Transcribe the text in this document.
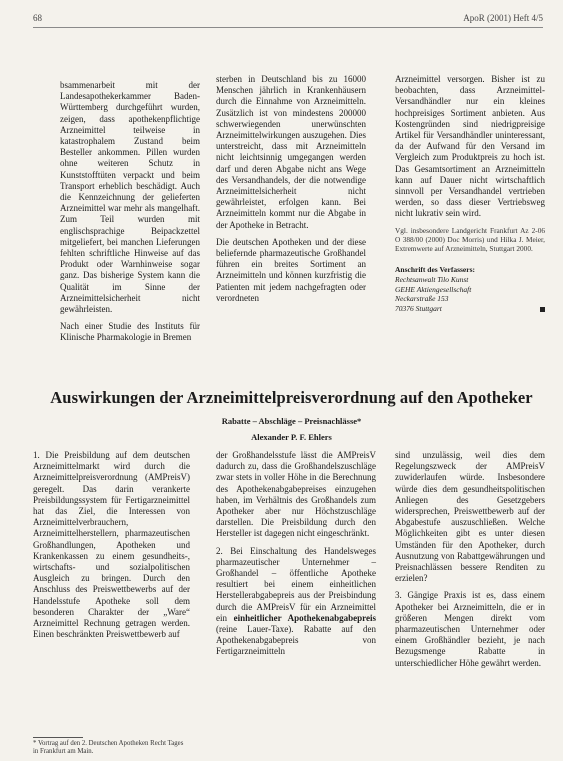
68	ApoR (2001) Heft 4/5

bsammenarbeit mit der Landesapothekerkammer Baden-Württemberg durchgeführt wurden, zeigen, dass apothekenpflichtige Arzneimittel teilweise in katastrophalem Zustand beim Besteller ankommen. Pillen wurden ohne weiteren Schutz in Kunststofftüten verpackt und beim Transport erheblich beschädigt. Auch die Kennzeichnung der gelieferten Arzneimittel war mehr als mangelhaft. Zum Teil wurden mit englischsprachige Beipackzettel mitgeliefert, bei manchen Lieferungen fehlten schriftliche Hinweise auf das Produkt oder Warnhinweise sogar ganz. Das bisherige System kann die Qualität im Sinne der Arzneimittelsicherheit nicht gewährleisten.

Nach einer Studie des Instituts für Klinische Pharmakologie in Bremen

sterben in Deutschland bis zu 16000 Menschen jährlich in Krankenhäusern durch die Einnahme von Arzneimitteln. Zusätzlich ist von mindestens 200000 schwerwiegenden unerwünschten Arzneimittelwirkungen auszugehen. Dies unterstreicht, dass mit Arzneimitteln nicht leichtsinnig umgegangen werden darf und deren Abgabe nicht ans Wege des Versandhandels, der die notwendige Arzneimittelsicherheit nicht gewährleistet, erfolgen kann. Bei Arzneimitteln kommt nur die Abgabe in der Apotheke in Betracht.

Die deutschen Apotheken und der diese beliefernde pharmazeutische Großhandel führen ein breites Sortiment an Arzneimitteln und können kurzfristig die Patienten mit jedem nachgefragten oder verordneten

Arzneimittel versorgen. Bisher ist zu beobachten, dass Arzneimittel-Versandhändler nur ein kleines hochpreisiges Sortiment anbieten. Aus Kostengründen sind niedrigpreisige Artikel für Versandhändler uninteressant, da der Aufwand für den Versand im Vergleich zum Produktpreis zu hoch ist. Das Gesamtsortiment an Arzneimitteln kann auf Dauer nicht wirtschaftlich sinnvoll per Versandhandel vertrieben werden, so dass dieser Vertriebsweg nicht lukrativ sein wird.

Vgl. insbesondere Landgericht Frankfurt Az 2-06 O 388/00 (2000) Doc Morris) und Hilka J. Meier, Extremwerte auf Arzneimitteln, Stuttgart 2000.
Anschrift des Verfassers:
Rechtsanwalt Tilo Kunst
GEHE Aktiengesellschaft
Neckarstraße 153
70376 Stuttgart
Auswirkungen der Arzneimittelpreisverordnung auf den Apotheker
Rabatte – Abschläge – Preisnachlässe*
Alexander P. F. Ehlers

1. Die Preisbildung auf dem deutschen Arzneimittelmarkt wird durch die Arzneimittelpreisverordnung (AMPreisV) geregelt. Das darin verankerte Preisbildungssystem für Fertigarzneimittel hat das Ziel, die Interessen von Arzneimittelverbrauchern, Arzneimittelherstellern, pharmazeutischen Großhandlungen, Apotheken und Krankenkassen zu einem gesundheits-, wirtschafts- und sozialpolitischen Ausgleich zu bringen. Durch den Anschluss des Preiswettbewerbs auf der Handelsstufe Apotheke soll dem besonderen Charakter der „Ware“ Arzneimittel Rechnung getragen werden. Einen beschränkten Preiswettbewerb auf

der Großhandelsstufe lässt die AMPreisV dadurch zu, dass die Großhandelszuschläge zwar stets in voller Höhe in die Berechnung des Apothekenabgabepreises einzugehen haben, im Verhältnis des Großhandels zum Apotheker aber nur Höchstzuschläge darstellen. Die Preisbildung durch den Hersteller ist dagegen nicht eingeschränkt.

2. Bei Einschaltung des Handelsweges pharmazeutischer Unternehmer – Großhandel – öffentliche Apotheke resultiert bei einem einheitlichen Herstellerabgabepreis aus der Preisbindung durch die AMPreisV für ein Arzneimittel ein einheitlicher Apothekenabgabepreis (reine Lauer-Taxe). Rabatte auf den Apothekenabgabepreis von Fertigarzneimitteln

sind unzulässig, weil dies dem Regelungszweck der AMPreisV zuwiderlaufen würde. Insbesondere würde dies dem gesundheitspolitischen Anliegen des Gesetzgebers widersprechen, Preiswettbewerb auf der Abgabestufe auszuschließen. Welche Möglichkeiten gibt es unter diesen Umständen für den Apotheker, durch Ausnutzung von Rabattgewährungen und Preisnachlässen bessere Renditen zu erzielen?

3. Gängige Praxis ist es, dass einem Apotheker bei Arzneimitteln, die er in größeren Mengen direkt vom pharmazeutischen Unternehmer oder einem Großhändler bezieht, je nach Bezugsmenge Rabatte in unterschiedlicher Höhe gewährt werden.

* Vortrag auf den 2. Deutschen Apotheken Recht Tages in Frankfurt am Main.
